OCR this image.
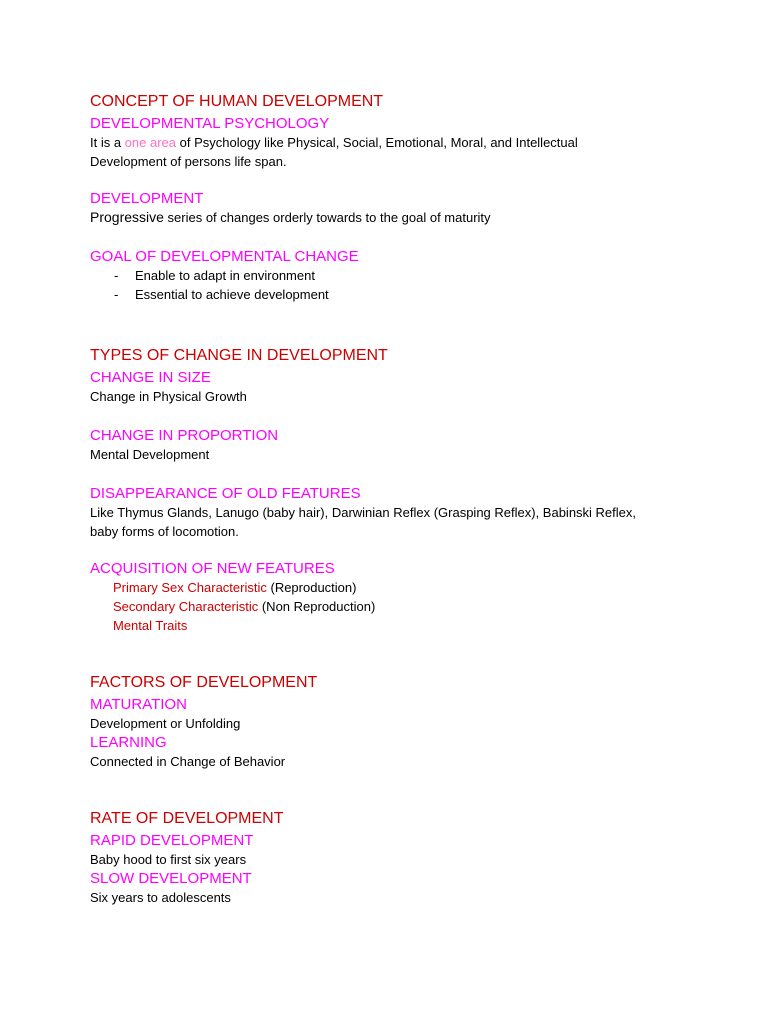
CONCEPT OF HUMAN DEVELOPMENT
DEVELOPMENTAL PSYCHOLOGY
It is a one area of Psychology like Physical, Social, Emotional, Moral, and Intellectual
Development of persons life span.
DEVELOPMENT
Progressive series of changes orderly towards to the goal of maturity
GOAL OF DEVELOPMENTAL CHANGE
- Enable to adapt in environment
- Essential to achieve development
TYPES OF CHANGE IN DEVELOPMENT
CHANGE IN SIZE
Change in Physical Growth
CHANGE IN PROPORTION
Mental Development
DISAPPEARANCE OF OLD FEATURES
Like Thymus Glands, Lanugo (baby hair), Darwinian Reflex (Grasping Reflex), Babinski Reflex,
baby forms of locomotion.
ACQUISITION OF NEW FEATURES
Primary Sex Characteristic (Reproduction)
Secondary Characteristic (Non Reproduction)
Mental Traits
FACTORS OF DEVELOPMENT
MATURATION
Development or Unfolding
LEARNING
Connected in Change of Behavior
RATE OF DEVELOPMENT
RAPID DEVELOPMENT
Baby hood to first six years
SLOW DEVELOPMENT
Six years to adolescents
